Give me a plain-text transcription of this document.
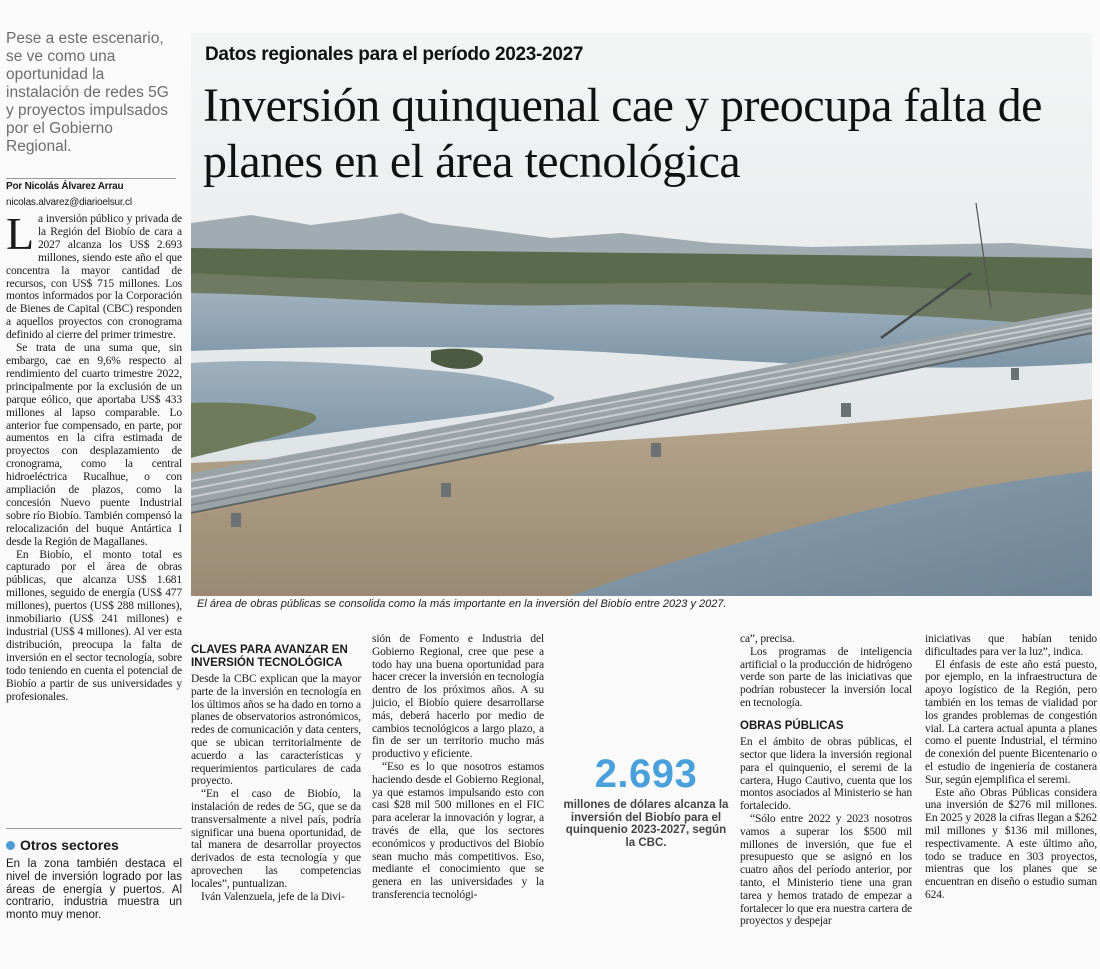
Pese a este escenario, se ve como una oportunidad la instalación de redes 5G y proyectos impulsados por el Gobierno Regional.

Por Nicolás Álvarez Arrau
nicolas.alvarez@diarioelsur.cl

La inversión público y privada de la Región del Biobío de cara a 2027 alcanza los US$ 2.693 millones, siendo este año el que concentra la mayor cantidad de recursos, con US$ 715 millones. Los montos informados por la Corporación de Bienes de Capital (CBC) responden a aquellos proyectos con cronograma definido al cierre del primer trimestre.

Se trata de una suma que, sin embargo, cae en 9,6% respecto al rendimiento del cuarto trimestre 2022, principalmente por la exclusión de un parque eólico, que aportaba US$ 433 millones al lapso comparable. Lo anterior fue compensado, en parte, por aumentos en la cifra estimada de proyectos con desplazamiento de cronograma, como la central hidroeléctrica Rucalhue, o con ampliación de plazos, como la concesión Nuevo puente Industrial sobre río Biobío. También compensó la relocalización del buque Antártica I desde la Región de Magallanes.

En Biobío, el monto total es capturado por el área de obras públicas, que alcanza US$ 1.681 millones, seguido de energía (US$ 477 millones), puertos (US$ 288 millones), inmobiliario (US$ 241 millones) e industrial (US$ 4 millones). Al ver esta distribución, preocupa la falta de inversión en el sector tecnología, sobre todo teniendo en cuenta el potencial de Biobío a partir de sus universidades y profesionales.

Otros sectores

En la zona también destaca el nivel de inversión logrado por las áreas de energía y puertos. Al contrario, industria muestra un monto muy menor.

Datos regionales para el período 2023-2027
Inversión quinquenal cae y preocupa falta de planes en el área tecnológica
El área de obras públicas se consolida como la más importante en la inversión del Biobío entre 2023 y 2027.
CLAVES PARA AVANZAR EN INVERSIÓN TECNOLÓGICA

Desde la CBC explican que la mayor parte de la inversión en tecnología en los últimos años se ha dado en torno a planes de observatorios astronómicos, redes de comunicación y data centers, que se ubican territorialmente de acuerdo a las características y requerimientos particulares de cada proyecto.

“En el caso de Biobío, la instalación de redes de 5G, que se da transversalmente a nivel país, podría significar una buena oportunidad, de tal manera de desarrollar proyectos derivados de esta tecnología y que aprovechen las competencias locales”, puntualizan.

Iván Valenzuela, jefe de la Divi-

sión de Fomento e Industria del Gobierno Regional, cree que pese a todo hay una buena oportunidad para hacer crecer la inversión en tecnología dentro de los próximos años. A su juicio, el Biobío quiere desarrollarse más, deberá hacerlo por medio de cambios tecnológicos a largo plazo, a fin de ser un territorio mucho más productivo y eficiente.

“Eso es lo que nosotros estamos haciendo desde el Gobierno Regional, ya que estamos impulsando esto con casi $28 mil 500 millones en el FIC para acelerar la innovación y lograr, a través de ella, que los sectores económicos y productivos del Biobío sean mucho más competitivos. Eso, mediante el conocimiento que se genera en las universidades y la transferencia tecnológi-

2.693
millones de dólares alcanza la inversión del Biobío para el quinquenio 2023-2027, según la CBC.

ca”, precisa.

Los programas de inteligencia artificial o la producción de hidrógeno verde son parte de las iniciativas que podrían robustecer la inversión local en tecnología.

OBRAS PÚBLICAS

En el ámbito de obras públicas, el sector que lidera la inversión regional para el quinquenio, el seremi de la cartera, Hugo Cautivo, cuenta que los montos asociados al Ministerio se han fortalecido.

“Sólo entre 2022 y 2023 nosotros vamos a superar los $500 mil millones de inversión, que fue el presupuesto que se asignó en los cuatro años del período anterior, por tanto, el Ministerio tiene una gran tarea y hemos tratado de empezar a fortalecer lo que era nuestra cartera de proyectos y despejar

iniciativas que habían tenido dificultades para ver la luz”, indica.

El énfasis de este año está puesto, por ejemplo, en la infraestructura de apoyo logístico de la Región, pero también en los temas de vialidad por los grandes problemas de congestión vial. La cartera actual apunta a planes como el puente Industrial, el término de conexión del puente Bicentenario o el estudio de ingeniería de costanera Sur, según ejemplifica el seremi.

Este año Obras Públicas considera una inversión de $276 mil millones. En 2025 y 2028 la cifras llegan a $262 mil millones y $136 mil millones, respectivamente. A este último año, todo se traduce en 303 proyectos, mientras que los planes que se encuentran en diseño o estudio suman 624.
